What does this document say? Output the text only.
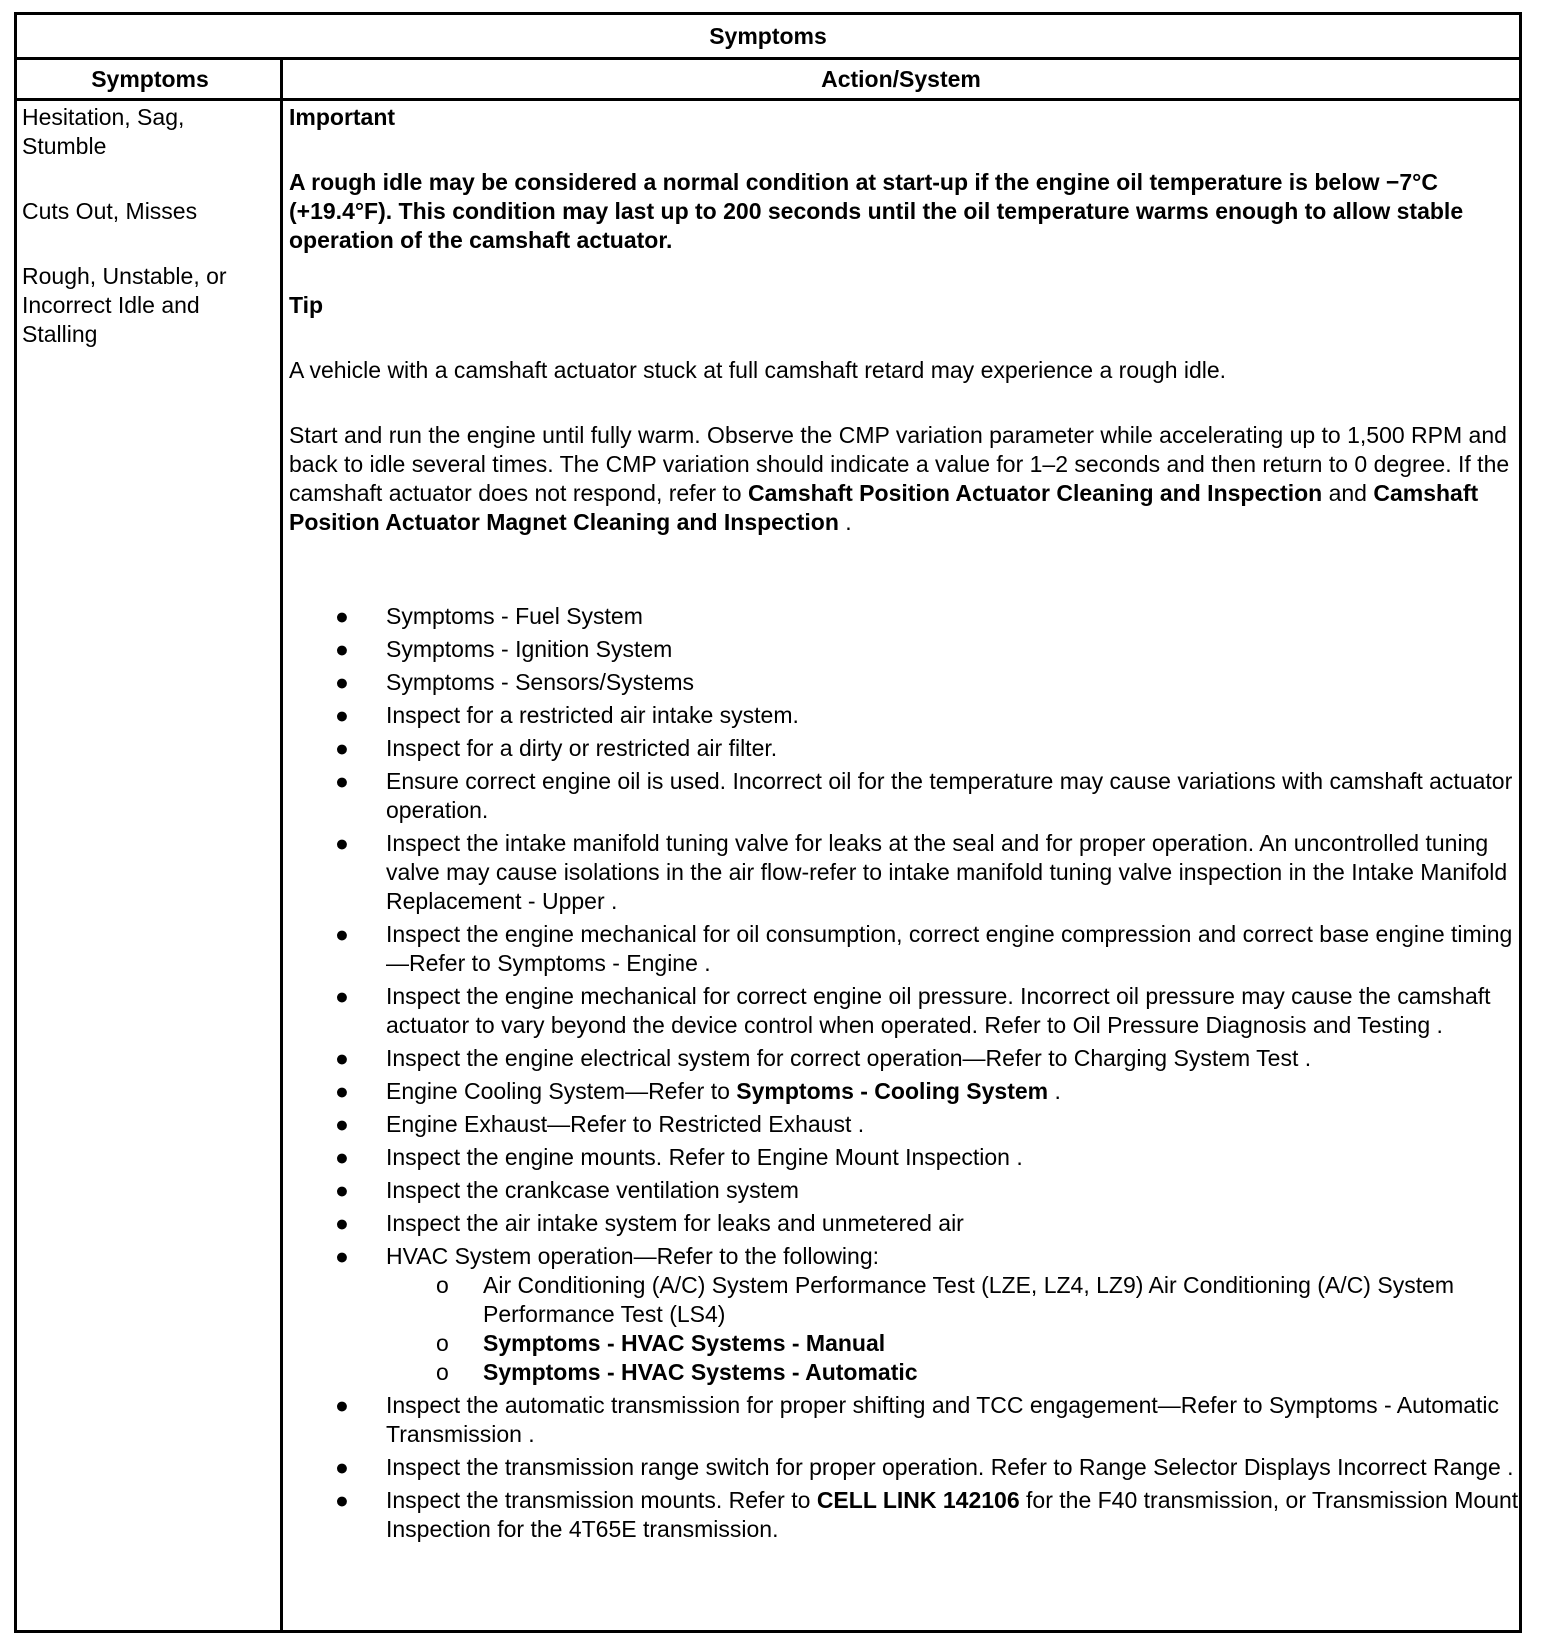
Symptoms
Symptoms	Action/System
Hesitation, Sag, Stumble
Cuts Out, Misses
Rough, Unstable, or Incorrect Idle and Stalling

Important

A rough idle may be considered a normal condition at start-up if the engine oil temperature is below −7°C (+19.4°F). This condition may last up to 200 seconds until the oil temperature warms enough to allow stable operation of the camshaft actuator.

Tip

A vehicle with a camshaft actuator stuck at full camshaft retard may experience a rough idle.

Start and run the engine until fully warm. Observe the CMP variation parameter while accelerating up to 1,500 RPM and back to idle several times. The CMP variation should indicate a value for 1–2 seconds and then return to 0 degree. If the camshaft actuator does not respond, refer to Camshaft Position Actuator Cleaning and Inspection and Camshaft Position Actuator Magnet Cleaning and Inspection .

● Symptoms - Fuel System
● Symptoms - Ignition System
● Symptoms - Sensors/Systems
● Inspect for a restricted air intake system.
● Inspect for a dirty or restricted air filter.
● Ensure correct engine oil is used. Incorrect oil for the temperature may cause variations with camshaft actuator operation.
● Inspect the intake manifold tuning valve for leaks at the seal and for proper operation. An uncontrolled tuning valve may cause isolations in the air flow-refer to intake manifold tuning valve inspection in the Intake Manifold Replacement - Upper .
● Inspect the engine mechanical for oil consumption, correct engine compression and correct base engine timing—Refer to Symptoms - Engine .
● Inspect the engine mechanical for correct engine oil pressure. Incorrect oil pressure may cause the camshaft actuator to vary beyond the device control when operated. Refer to Oil Pressure Diagnosis and Testing .
● Inspect the engine electrical system for correct operation—Refer to Charging System Test .
● Engine Cooling System—Refer to Symptoms - Cooling System .
● Engine Exhaust—Refer to Restricted Exhaust .
● Inspect the engine mounts. Refer to Engine Mount Inspection .
● Inspect the crankcase ventilation system
● Inspect the air intake system for leaks and unmetered air
● HVAC System operation—Refer to the following:
o Air Conditioning (A/C) System Performance Test (LZE, LZ4, LZ9) Air Conditioning (A/C) System Performance Test (LS4)
o Symptoms - HVAC Systems - Manual
o Symptoms - HVAC Systems - Automatic
● Inspect the automatic transmission for proper shifting and TCC engagement—Refer to Symptoms - Automatic Transmission .
● Inspect the transmission range switch for proper operation. Refer to Range Selector Displays Incorrect Range .
● Inspect the transmission mounts. Refer to CELL LINK 142106 for the F40 transmission, or Transmission Mount Inspection for the 4T65E transmission.
